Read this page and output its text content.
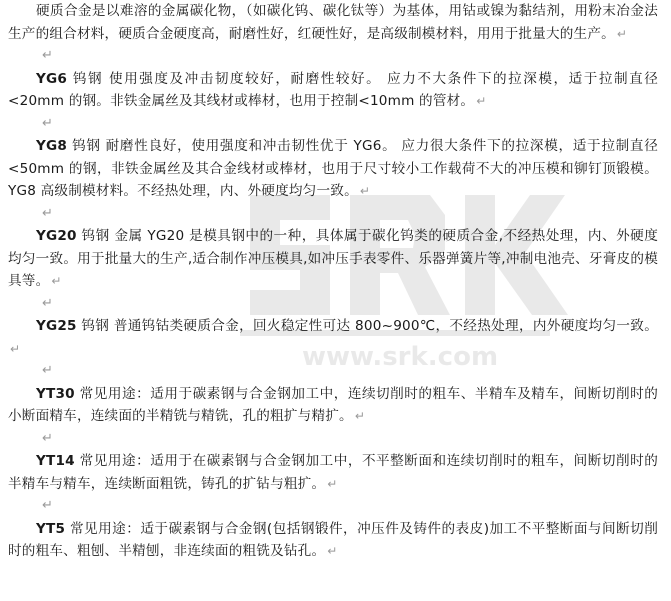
www.srk.com

硬质合金是以难溶的金属碳化物，（如碳化钨、碳化钛等）为基体，用钴或镍为黏结剂，用粉末冶金法生产的组合材料，硬质合金硬度高，耐磨性好，红硬性好，是高级制模材料，用用于批量大的生产。 ↵

↵

YG6 钨钢 使用强度及冲击韧度较好，耐磨性较好。 应力不大条件下的拉深模，适于拉制直径<20mm 的钢。非铁金属丝及其线材或棒材，也用于控制<10mm 的管材。 ↵

↵

YG8 钨钢 耐磨性良好，使用强度和冲击韧性优于 YG6。 应力很大条件下的拉深模，适于拉制直径<50mm 的钢，非铁金属丝及其合金线材或棒材，也用于尺寸较小工作载荷不大的冲压模和铆钉顶锻模。YG8 高级制模材料。不经热处理，内、外硬度均匀一致。 ↵

↵

YG20 钨钢 金属 YG20 是模具钢中的一种，具体属于碳化钨类的硬质合金,不经热处理，内、外硬度均匀一致。用于批量大的生产,适合制作冲压模具,如冲压手表零件、乐器弹簧片等,冲制电池壳、牙膏皮的模具等。 ↵

↵

YG25 钨钢 普通钨钴类硬质合金，回火稳定性可达 800~900℃，不经热处理，内外硬度均匀一致。↵

↵

YT30 常见用途：适用于碳素钢与合金钢加工中，连续切削时的粗车、半精车及精车，间断切削时的小断面精车，连续面的半精铣与精铣，孔的粗扩与精扩。 ↵

↵

YT14 常见用途：适用于在碳素钢与合金钢加工中，不平整断面和连续切削时的粗车，间断切削时的半精车与精车，连续断面粗铣，铸孔的扩钻与粗扩。 ↵

↵

YT5 常见用途：适于碳素钢与合金钢(包括钢锻件，冲压件及铸件的表皮)加工不平整断面与间断切削时的粗车、粗刨、半精刨，非连续面的粗铣及钻孔。 ↵
